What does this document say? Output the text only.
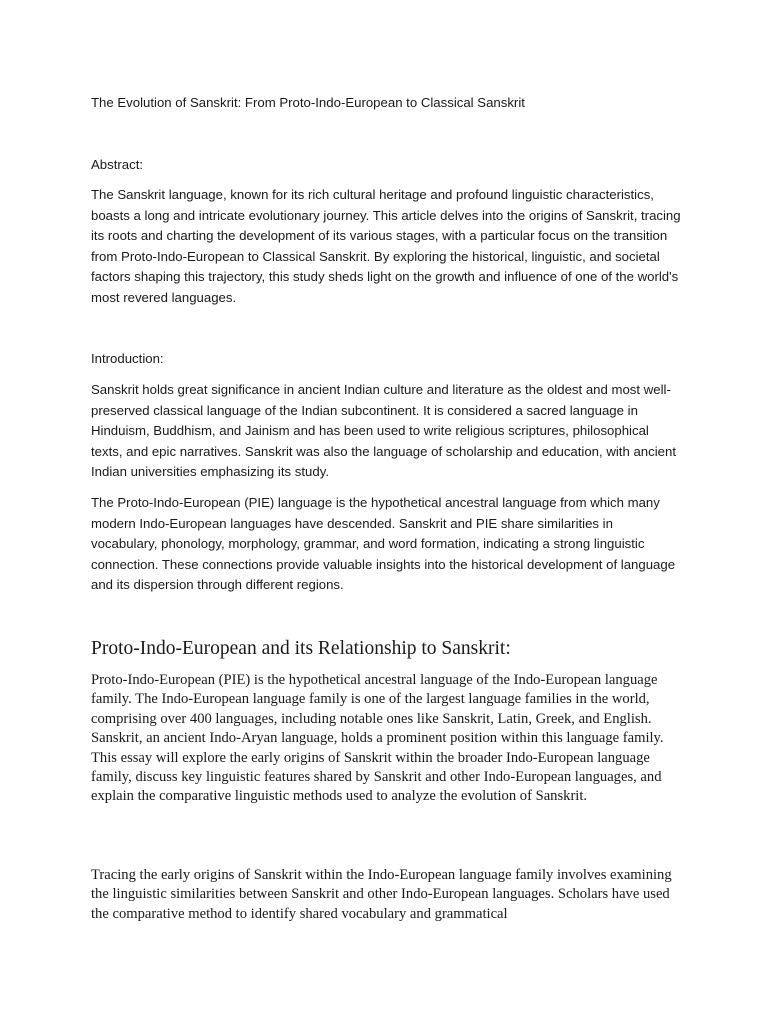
The Evolution of Sanskrit: From Proto-Indo-European to Classical Sanskrit

Abstract:

The Sanskrit language, known for its rich cultural heritage and profound linguistic characteristics, boasts a long and intricate evolutionary journey. This article delves into the origins of Sanskrit, tracing its roots and charting the development of its various stages, with a particular focus on the transition from Proto-Indo-European to Classical Sanskrit. By exploring the historical, linguistic, and societal factors shaping this trajectory, this study sheds light on the growth and influence of one of the world's most revered languages.

Introduction:

Sanskrit holds great significance in ancient Indian culture and literature as the oldest and most well-preserved classical language of the Indian subcontinent. It is considered a sacred language in Hinduism, Buddhism, and Jainism and has been used to write religious scriptures, philosophical texts, and epic narratives. Sanskrit was also the language of scholarship and education, with ancient Indian universities emphasizing its study.

The Proto-Indo-European (PIE) language is the hypothetical ancestral language from which many modern Indo-European languages have descended. Sanskrit and PIE share similarities in vocabulary, phonology, morphology, grammar, and word formation, indicating a strong linguistic connection. These connections provide valuable insights into the historical development of language and its dispersion through different regions.

Proto-Indo-European and its Relationship to Sanskrit:

Proto-Indo-European (PIE) is the hypothetical ancestral language of the Indo-European language family. The Indo-European language family is one of the largest language families in the world, comprising over 400 languages, including notable ones like Sanskrit, Latin, Greek, and English. Sanskrit, an ancient Indo-Aryan language, holds a prominent position within this language family. This essay will explore the early origins of Sanskrit within the broader Indo-European language family, discuss key linguistic features shared by Sanskrit and other Indo-European languages, and explain the comparative linguistic methods used to analyze the evolution of Sanskrit.

Tracing the early origins of Sanskrit within the Indo-European language family involves examining the linguistic similarities between Sanskrit and other Indo-European languages. Scholars have used the comparative method to identify shared vocabulary and grammatical
